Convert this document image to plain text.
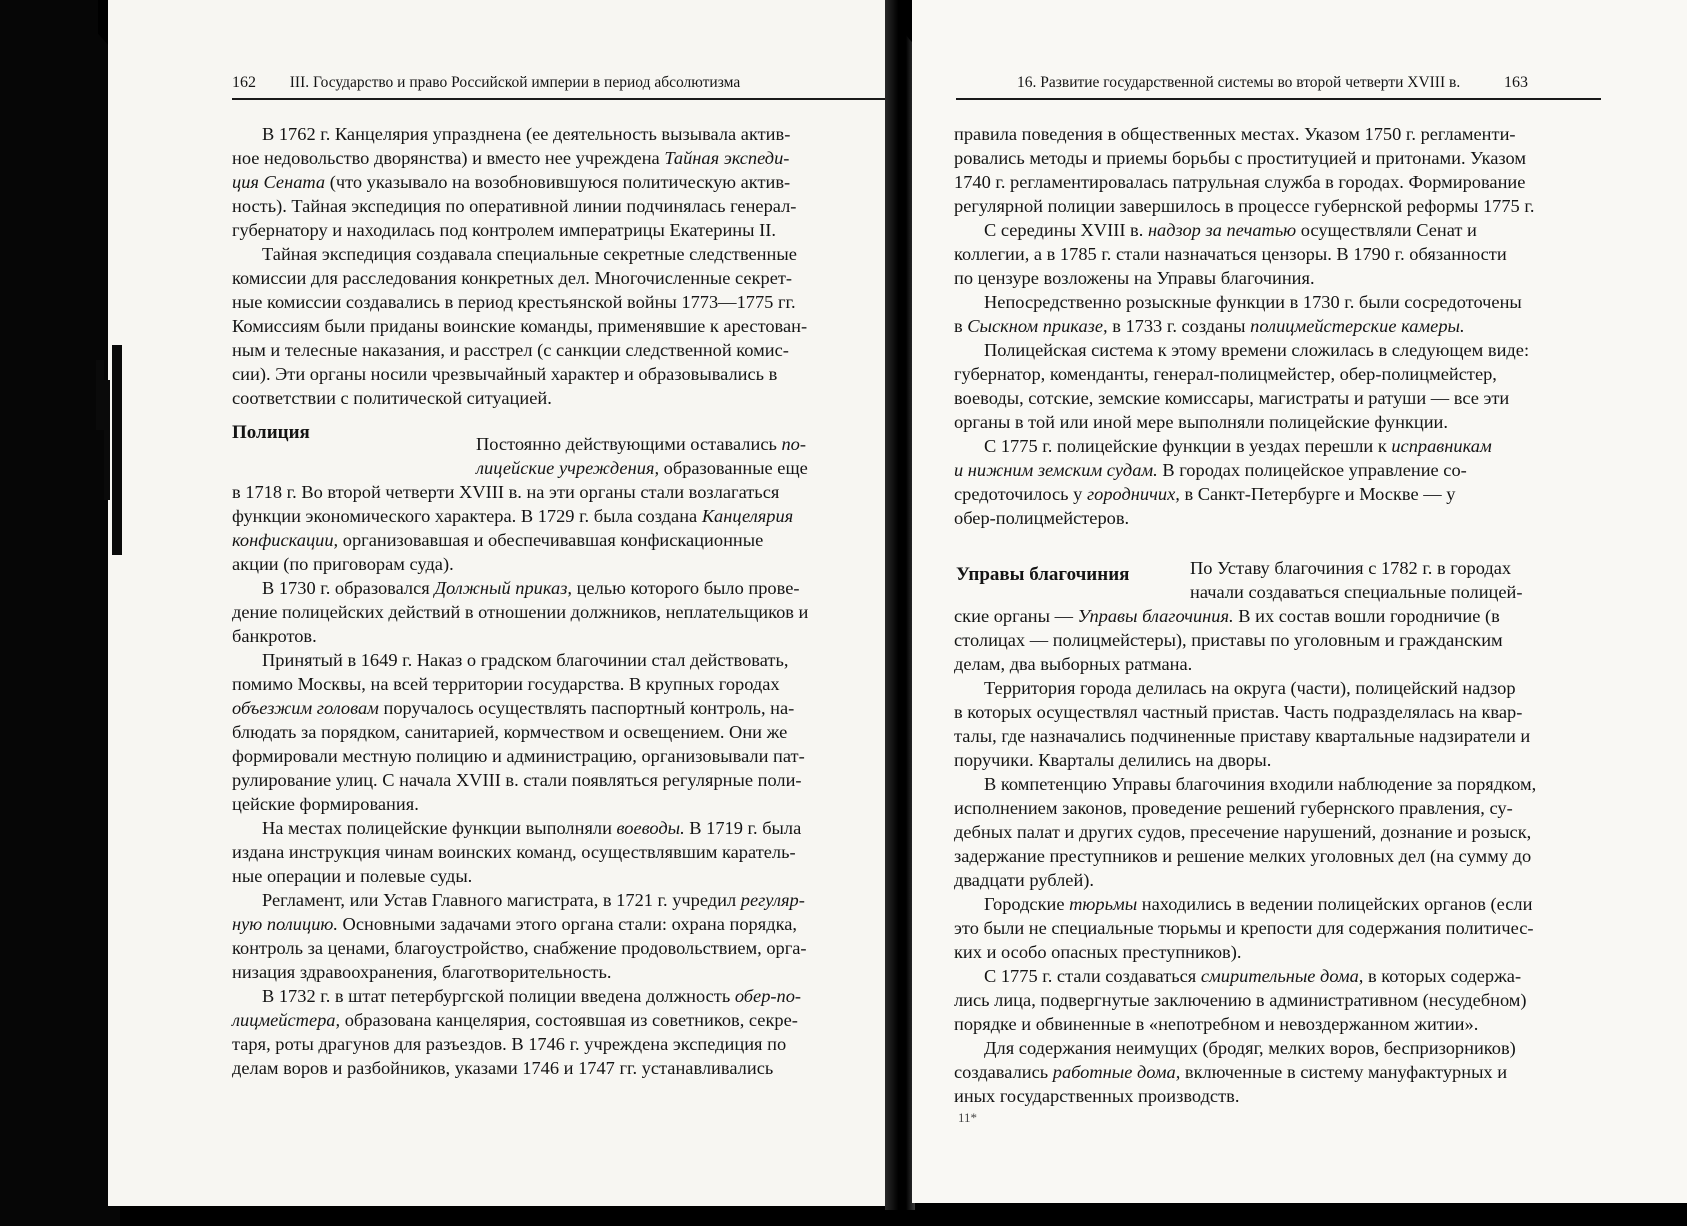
162 III. Государство и право Российской империи в период абсолютизма
В 1762 г. Канцелярия упразднена (ее деятельность вызывала актив-
ное недовольство дворянства) и вместо нее учреждена Тайная экспеди-
ция Сената (что указывало на возобновившуюся политическую актив-
ность). Тайная экспедиция по оперативной линии подчинялась генерал-
губернатору и находилась под контролем императрицы Екатерины II.
Тайная экспедиция создавала специальные секретные следственные
комиссии для расследования конкретных дел. Многочисленные секрет-
ные комиссии создавались в период крестьянской войны 1773—1775 гг.
Комиссиям были приданы воинские команды, применявшие к арестован-
ным и телесные наказания, и расстрел (с санкции следственной комис-
сии). Эти органы носили чрезвычайный характер и образовывались в
соответствии с политической ситуацией.
Постоянно действующими оставались по-
лицейские учреждения, образованные еще
в 1718 г. Во второй четверти XVIII в. на эти органы стали возлагаться
функции экономического характера. В 1729 г. была создана Канцелярия
конфискации, организовавшая и обеспечивавшая конфискационные
акции (по приговорам суда).
В 1730 г. образовался Должный приказ, целью которого было прове-
дение полицейских действий в отношении должников, неплательщиков и
банкротов.
Принятый в 1649 г. Наказ о градском благочинии стал действовать,
помимо Москвы, на всей территории государства. В крупных городах
объезжим головам поручалось осуществлять паспортный контроль, на-
блюдать за порядком, санитарией, кормчеством и освещением. Они же
формировали местную полицию и администрацию, организовывали пат-
рулирование улиц. С начала XVIII в. стали появляться регулярные поли-
цейские формирования.
На местах полицейские функции выполняли воеводы. В 1719 г. была
издана инструкция чинам воинских команд, осуществлявшим каратель-
ные операции и полевые суды.
Регламент, или Устав Главного магистрата, в 1721 г. учредил регуляр-
ную полицию. Основными задачами этого органа стали: охрана порядка,
контроль за ценами, благоустройство, снабжение продовольствием, орга-
низация здравоохранения, благотворительность.
В 1732 г. в штат петербургской полиции введена должность обер-по-
лицмейстера, образована канцелярия, состоявшая из советников, секре-
таря, роты драгунов для разъездов. В 1746 г. учреждена экспедиция по
делам воров и разбойников, указами 1746 и 1747 гг. устанавливались
Полиция
16. Развитие государственной системы во второй четверти XVIII в.	163
правила поведения в общественных местах. Указом 1750 г. регламенти-
ровались методы и приемы борьбы с проституцией и притонами. Указом
1740 г. регламентировалась патрульная служба в городах. Формирование
регулярной полиции завершилось в процессе губернской реформы 1775 г.
С середины XVIII в. надзор за печатью осуществляли Сенат и
коллегии, а в 1785 г. стали назначаться цензоры. В 1790 г. обязанности
по цензуре возложены на Управы благочиния.
Непосредственно розыскные функции в 1730 г. были сосредоточены
в Сыскном приказе, в 1733 г. созданы полицмейстерские камеры.
Полицейская система к этому времени сложилась в следующем виде:
губернатор, коменданты, генерал-полицмейстер, обер-полицмейстер,
воеводы, сотские, земские комиссары, магистраты и ратуши — все эти
органы в той или иной мере выполняли полицейские функции.
С 1775 г. полицейские функции в уездах перешли к исправникам
и нижним земским судам. В городах полицейское управление со-
средоточилось у городничих, в Санкт-Петербурге и Москве — у
обер-полицмейстеров.
По Уставу благочиния с 1782 г. в городах
начали создаваться специальные полицей-
ские органы — Управы благочиния. В их состав вошли городничие (в
столицах — полицмейстеры), приставы по уголовным и гражданским
делам, два выборных ратмана.
Территория города делилась на округа (части), полицейский надзор
в которых осуществлял частный пристав. Часть подразделялась на квар-
талы, где назначались подчиненные приставу квартальные надзиратели и
поручики. Кварталы делились на дворы.
В компетенцию Управы благочиния входили наблюдение за порядком,
исполнением законов, проведение решений губернского правления, су-
дебных палат и других судов, пресечение нарушений, дознание и розыск,
задержание преступников и решение мелких уголовных дел (на сумму до
двадцати рублей).
Городские тюрьмы находились в ведении полицейских органов (если
это были не специальные тюрьмы и крепости для содержания политичес-
ких и особо опасных преступников).
С 1775 г. стали создаваться смирительные дома, в которых содержа-
лись лица, подвергнутые заключению в административном (несудебном)
порядке и обвиненные в «непотребном и невоздержанном житии».
Для содержания неимущих (бродяг, мелких воров, беспризорников)
создавались работные дома, включенные в систему мануфактурных и
иных государственных производств.
Управы благочиния
11*
